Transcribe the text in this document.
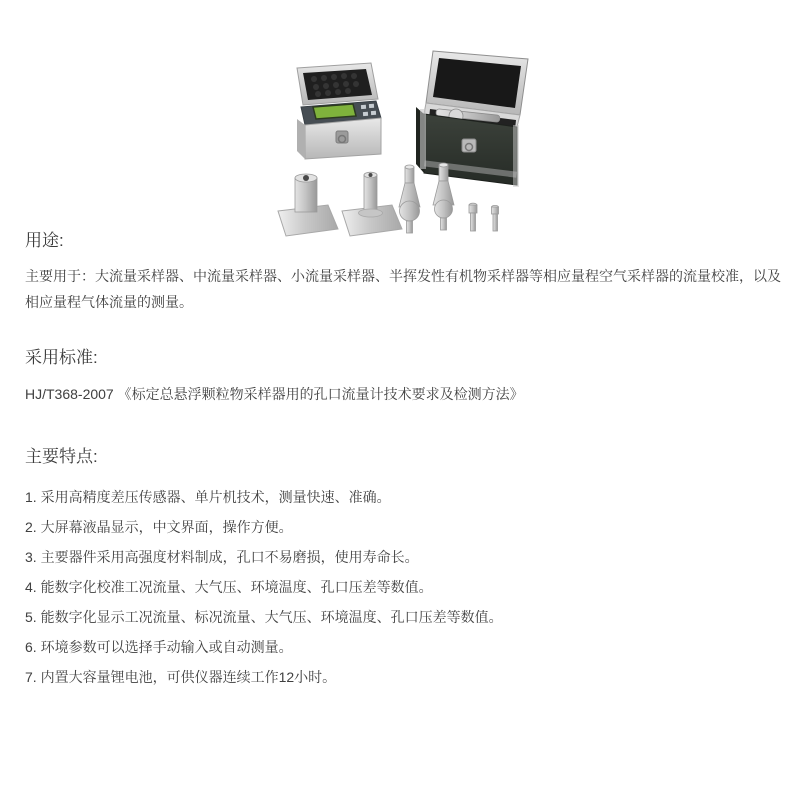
用途:

主要用于：大流量采样器、中流量采样器、小流量采样器、半挥发性有机物采样器等相应量程空气采样器的流量校准，以及相应量程气体流量的测量。

采用标准:

HJ/T368-2007 《标定总悬浮颗粒物采样器用的孔口流量计技术要求及检测方法》

主要特点:
1. 采用高精度差压传感器、单片机技术，测量快速、准确。
2. 大屏幕液晶显示，中文界面，操作方便。
3. 主要器件采用高强度材料制成，孔口不易磨损，使用寿命长。
4. 能数字化校准工况流量、大气压、环境温度、孔口压差等数值。
5. 能数字化显示工况流量、标况流量、大气压、环境温度、孔口压差等数值。
6. 环境参数可以选择手动输入或自动测量。
7. 内置大容量锂电池，可供仪器连续工作12小时。
